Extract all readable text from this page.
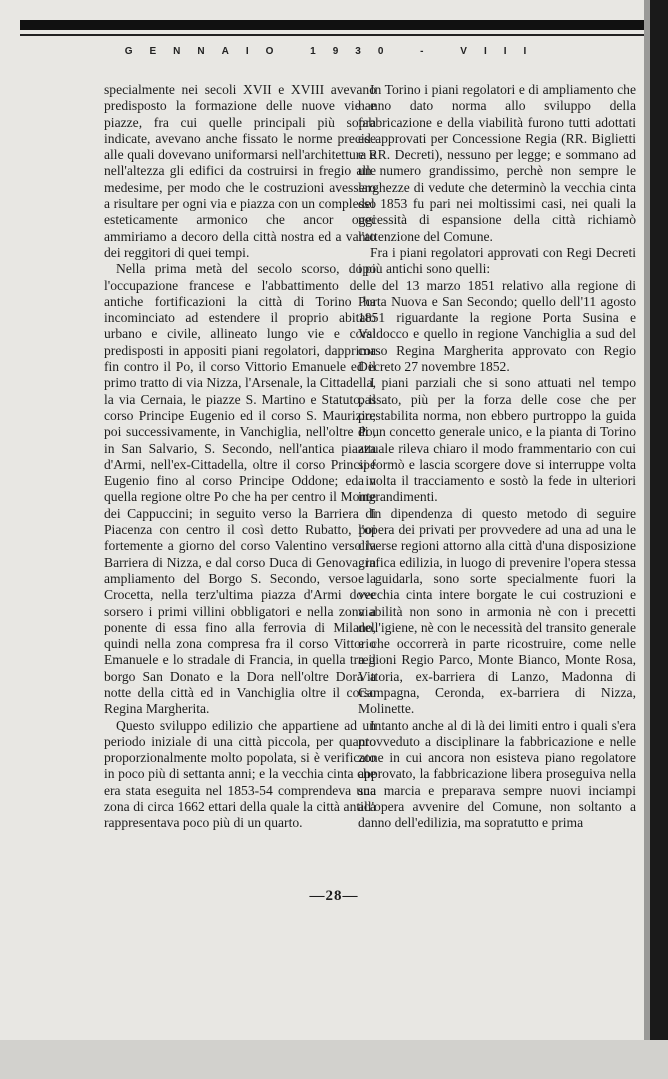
GENNAIO 1930 - VIII

specialmente nei secoli XVII e XVIII avevano predisposto la formazione delle nuove vie e piazze, fra cui quelle principali più sopra indicate, avevano anche fissato le norme precise alle quali dovevano uniformarsi nell'architettura e nell'altezza gli edifici da costruirsi in fregio alle medesime, per modo che le costruzioni avessero a risultare per ogni via e piazza con un complesso esteticamente armonico che ancor oggi ammiriamo a decoro della città nostra ed a vanto dei reggitori di quei tempi.

Nella prima metà del secolo scorso, dopo l'occupazione francese e l'abbattimento delle antiche fortificazioni la città di Torino ha incominciato ad estendere il proprio abitato urbano e civile, allineato lungo vie e corsi predisposti in appositi piani regolatori, dapprima fin contro il Po, il corso Vittorio Emanuele ed il primo tratto di via Nizza, l'Arsenale, la Cittadella, la via Cernaia, le piazze S. Martino e Statuto, il corso Principe Eugenio ed il corso S. Maurizio; poi successivamente, in Vanchiglia, nell'oltre Po, in San Salvario, S. Secondo, nell'antica piazza d'Armi, nell'ex-Cittadella, oltre il corso Principe Eugenio fino al corso Principe Oddone; ed in quella regione oltre Po che ha per centro il Monte dei Cappuccini; in seguito verso la Barriera di Piacenza con centro il così detto Rubatto, poi fortemente a giorno del corso Valentino verso la Barriera di Nizza, e dal corso Duca di Genova, in ampliamento del Borgo S. Secondo, verso la Crocetta, nella terz'ultima piazza d'Armi dove sorsero i primi villini obbligatori e nella zona a ponente di essa fino alla ferrovia di Milano, quindi nella zona compresa fra il corso Vittorio Emanuele e lo stradale di Francia, in quella tra il borgo San Donato e la Dora nell'oltre Dora a notte della città ed in Vanchiglia oltre il corso Regina Margherita.

Questo sviluppo edilizio che appartiene ad un periodo iniziale di una città piccola, per quanto proporzionalmente molto popolata, si è verificato in poco più di settanta anni; e la vecchia cinta che era stata eseguita nel 1853-54 comprendeva una zona di circa 1662 ettari della quale la città antica rappresentava poco più di un quarto.

In Torino i piani regolatori e di ampliamento che hanno dato norma allo sviluppo della fabbricazione e della viabilità furono tutti adottati ed approvati per Concessione Regia (RR. Biglietti e RR. Decreti), nessuno per legge; e sommano ad un numero grandissimo, perchè non sempre le larghezze di vedute che determinò la vecchia cinta del 1853 fu pari nei moltissimi casi, nei quali la necessità di espansione della città richiamò l'attenzione del Comune.

Fra i piani regolatori approvati con Regi Decreti i più antichi sono quelli:

del 13 marzo 1851 relativo alla regione di Porta Nuova e San Secondo; quello dell'11 agosto 1851 riguardante la regione Porta Susina e Valdocco e quello in regione Vanchiglia a sud del corso Regina Margherita approvato con Regio Decreto 27 novembre 1852.

I piani parziali che si sono attuati nel tempo passato, più per la forza delle cose che per prestabilita norma, non ebbero purtroppo la guida di un concetto generale unico, e la pianta di Torino attuale rileva chiaro il modo frammentario con cui si formò e lascia scorgere dove si interruppe volta a volta il tracciamento e sostò la fede in ulteriori ingrandimenti.

In dipendenza di questo metodo di seguire l'opera dei privati per provvedere ad una ad una le diverse regioni attorno alla città d'una disposizione grafica edilizia, in luogo di prevenire l'opera stessa e guidarla, sono sorte specialmente fuori la vecchia cinta intere borgate le cui costruzioni e viabilità non sono in armonia nè con i precetti dell'igiene, nè con le necessità del transito generale e che occorrerà in parte ricostruire, come nelle regioni Regio Parco, Monte Bianco, Monte Rosa, Vittoria, ex-barriera di Lanzo, Madonna di Campagna, Ceronda, ex-barriera di Nizza, Molinette.

Intanto anche al di là dei limiti entro i quali s'era provveduto a disciplinare la fabbricazione e nelle zone in cui ancora non esisteva piano regolatore approvato, la fabbricazione libera proseguiva nella sua marcia e preparava sempre nuovi inciampi all'opera avvenire del Comune, non soltanto a danno dell'edilizia, ma sopratutto e prima

—28—
